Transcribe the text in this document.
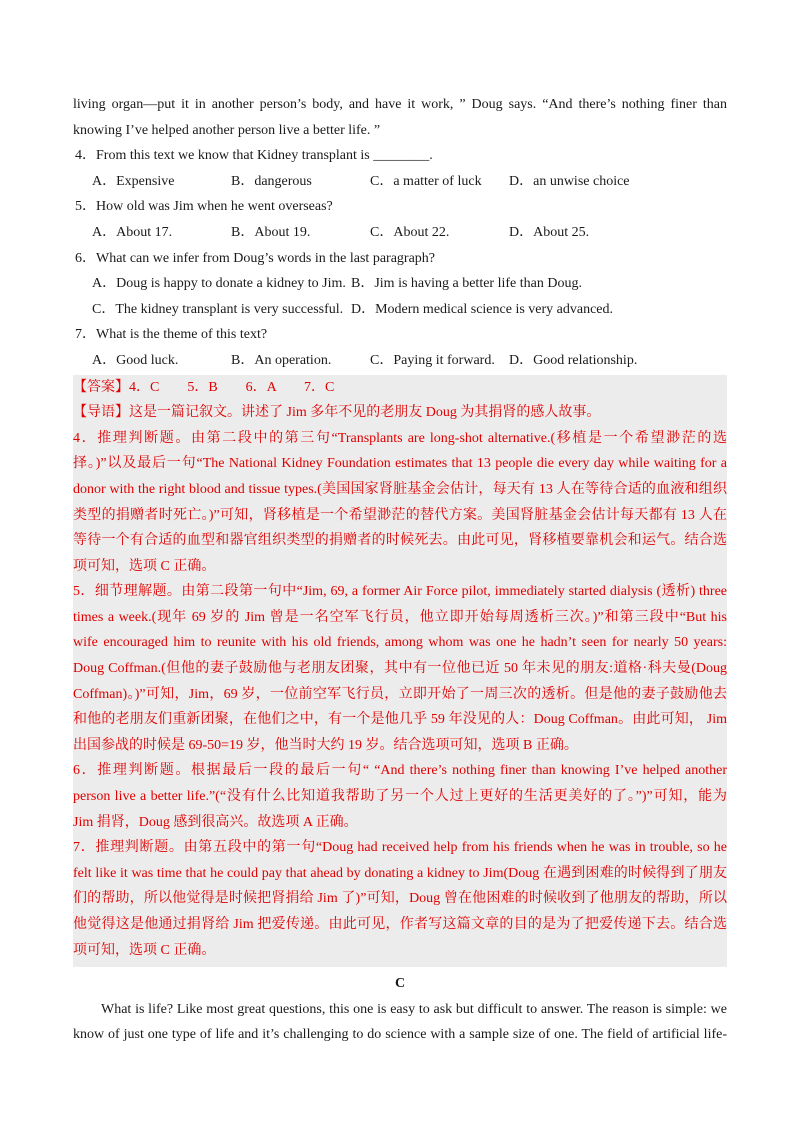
living organ—put it in another person’s body, and have it work, ” Doug says. “And there’s nothing finer than
knowing I’ve helped another person live a better life. ”
4．From this text we know that Kidney transplant is ________.
A．Expensive	B．dangerous	C．a matter of luck	D．an unwise choice
5．How old was Jim when he went overseas?
A．About 17.	B．About 19.	C．About 22.	D．About 25.
6．What can we infer from Doug’s words in the last paragraph?
A．Doug is happy to donate a kidney to Jim. B．Jim is having a better life than Doug.
C．The kidney transplant is very successful. D．Modern medical science is very advanced.
7．What is the theme of this text?
A．Good luck.	B．An operation.	C．Paying it forward.	D．Good relationship.
【答案】4．C　　5．B　　6．A　　7．C
【导语】这是一篇记叙文。讲述了 Jim 多年不见的老朋友 Doug 为其捐肾的感人故事。
4．推理判断题。由第二段中的第三句“Transplants are long-shot alternative.(移植是一个希望渺茫的选
择。)”以及最后一句“The National Kidney Foundation estimates that 13 people die every day while waiting for a
donor with the right blood and tissue types.(美国国家肾脏基金会估计，每天有 13 人在等待合适的血液和组织
类型的捐赠者时死亡。)”可知，肾移植是一个希望渺茫的替代方案。美国肾脏基金会估计每天都有 13 人在
等待一个有合适的血型和器官组织类型的捐赠者的时候死去。由此可见，肾移植要靠机会和运气。结合选
项可知，选项 C 正确。
5．细节理解题。由第二段第一句中“Jim, 69, a former Air Force pilot, immediately started dialysis (透析) three
times a week.(现年 69 岁的 Jim 曾是一名空军飞行员，他立即开始每周透析三次。)”和第三段中“But his
wife encouraged him to reunite with his old friends, among whom was one he hadn’t seen for nearly 50 years:
Doug Coffman.(但他的妻子鼓励他与老朋友团聚，其中有一位他已近 50 年未见的朋友:道格·科夫曼(Doug
Coffman)。)”可知，Jim，69 岁，一位前空军飞行员，立即开始了一周三次的透析。但是他的妻子鼓励他去
和他的老朋友们重新团聚，在他们之中，有一个是他几乎 59 年没见的人：Doug Coffman。由此可知， Jim
出国参战的时候是 69-50=19 岁，他当时大约 19 岁。结合选项可知，选项 B 正确。
6．推理判断题。根据最后一段的最后一句“ “And there’s nothing finer than knowing I’ve helped another
person live a better life.”(“没有什么比知道我帮助了另一个人过上更好的生活更美好的了。”)”可知，能为
Jim 捐肾，Doug 感到很高兴。故选项 A 正确。
7．推理判断题。由第五段中的第一句“Doug had received help from his friends when he was in trouble, so he
felt like it was time that he could pay that ahead by donating a kidney to Jim(Doug 在遇到困难的时候得到了朋友
们的帮助，所以他觉得是时候把肾捐给 Jim 了)”可知，Doug 曾在他困难的时候收到了他朋友的帮助，所以
他觉得这是他通过捐肾给 Jim 把爱传递。由此可见，作者写这篇文章的目的是为了把爱传递下去。结合选
项可知，选项 C 正确。
C
What is life? Like most great questions, this one is easy to ask but difficult to answer. The reason is simple: we
know of just one type of life and it’s challenging to do science with a sample size of one. The field of artificial life-
